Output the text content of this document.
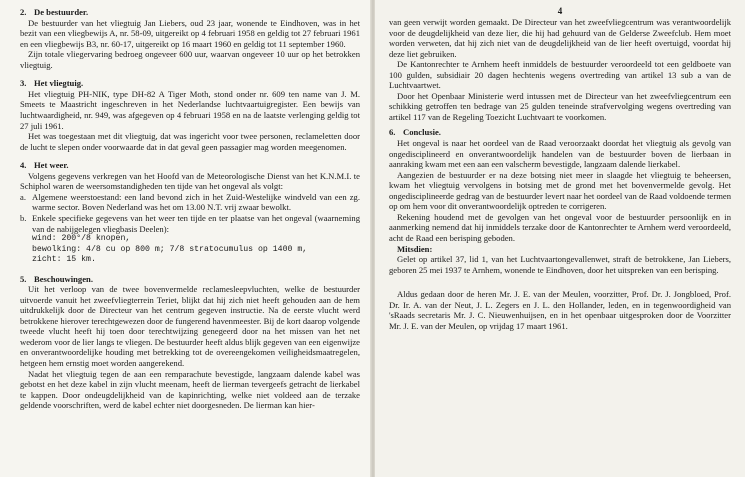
2. De bestuurder.

De bestuurder van het vliegtuig Jan Liebers, oud 23 jaar, wonende te Eindhoven, was in het bezit van een vliegbewijs A, nr. 58-09, uitgereikt op 4 februari 1958 en geldig tot 27 februari 1961 en een vliegbewijs B3, nr. 60-17, uitgereikt op 16 maart 1960 en geldig tot 11 september 1960.

Zijn totale vliegervaring bedroeg ongeveer 600 uur, waarvan ongeveer 10 uur op het betrokken vliegtuig.

3. Het vliegtuig.

Het vliegtuig PH-NIK, type DH-82 A Tiger Moth, stond onder nr. 609 ten name van J. M. Smeets te Maastricht ingeschreven in het Nederlandse luchtvaartuigregister. Een bewijs van luchtwaardigheid, nr. 949, was afgegeven op 4 februari 1958 en na de laatste verlenging geldig tot 27 juli 1961.

Het was toegestaan met dit vliegtuig, dat was ingericht voor twee personen, reclameletten door de lucht te slepen onder voorwaarde dat in dat geval geen passagier mag worden meegenomen.

4. Het weer.

Volgens gegevens verkregen van het Hoofd van de Meteorologische Dienst van het K.N.M.I. te Schiphol waren de weersomstandigheden ten tijde van het ongeval als volgt:

a. Algemene weerstoestand: een land bevond zich in het Zuid-Westelijke windveld van een zg. warme sector. Boven Nederland was het om 13.00 N.T. vrij zwaar bewolkt.
b. Enkele specifieke gegevens van het weer ten tijde en ter plaatse van het ongeval (waarneming van de nabijgelegen vliegbasis Deelen):
wind: 200°/8 knopen,
bewolking: 4/8 cu op 800 m; 7/8 stratocumulus op 1400 m,
zicht: 15 km.
5. Beschouwingen.

Uit het verloop van de twee bovenvermelde reclamesleepvluchten, welke de bestuurder uitvoerde vanuit het zweefvliegterrein Teriet, blijkt dat hij zich niet heeft gehouden aan de hem uitdrukkelijk door de Directeur van het centrum gegeven instructie. Na de eerste vlucht werd betrokkene hierover terechtgewezen door de fungerend havenmeester. Bij de kort daarop volgende tweede vlucht heeft hij toen door terechtwijzing genegeerd door na het missen van het net wederom voor de lier langs te vliegen. De bestuurder heeft aldus blijk gegeven van een eigenwijze en onverantwoordelijke houding met betrekking tot de overeengekomen veiligheidsmaatregelen, hetgeen hem ernstig moet worden aangerekend.

Nadat het vliegtuig tegen de aan een remparachute bevestigde, langzaam dalende kabel was gebotst en het deze kabel in zijn vlucht meenam, heeft de lierman tevergeefs getracht de lierkabel te kappen. Door ondeugdelijkheid van de kapinrichting, welke niet voldeed aan de terzake geldende voorschriften, werd de kabel echter niet doorgesneden. De lierman kan hier-

4

van geen verwijt worden gemaakt. De Directeur van het zweefvliegcentrum was verantwoordelijk voor de deugdelijkheid van deze lier, die hij had gehuurd van de Gelderse Zweefclub. Hem moet worden verweten, dat hij zich niet van de deugdelijkheid van de lier heeft overtuigd, voordat hij deze liet gebruiken.

De Kantonrechter te Arnhem heeft inmiddels de bestuurder veroordeeld tot een geldboete van 100 gulden, subsidiair 20 dagen hechtenis wegens overtreding van artikel 13 sub a van de Luchtvaartwet.

Door het Openbaar Ministerie werd intussen met de Directeur van het zweefvliegcentrum een schikking getroffen ten bedrage van 25 gulden teneinde strafvervolging wegens overtreding van artikel 117 van de Regeling Toezicht Luchtvaart te voorkomen.

6. Conclusie.

Het ongeval is naar het oordeel van de Raad veroorzaakt doordat het vliegtuig als gevolg van ongedisciplineerd en onverantwoordelijk handelen van de bestuurder boven de lierbaan in aanraking kwam met een aan een valscherm bevestigde, langzaam dalende lierkabel.

Aangezien de bestuurder er na deze botsing niet meer in slaagde het vliegtuig te beheersen, kwam het vliegtuig vervolgens in botsing met de grond met het bovenvermelde gevolg. Het ongedisciplineerde gedrag van de bestuurder levert naar het oordeel van de Raad voldoende termen op om hem voor dit onverantwoordelijk optreden te corrigeren.

Rekening houdend met de gevolgen van het ongeval voor de bestuurder persoonlijk en in aanmerking nemend dat hij inmiddels terzake door de Kantonrechter te Arnhem werd veroordeeld, acht de Raad een berisping geboden.

Mitsdien:

Gelet op artikel 37, lid 1, van het Luchtvaartongevallenwet, straft de betrokkene, Jan Liebers, geboren 25 mei 1937 te Arnhem, wonende te Eindhoven, door het uitspreken van een berisping.

Aldus gedaan door de heren Mr. J. E. van der Meulen, voorzitter, Prof. Dr. J. Jongbloed, Prof. Dr. Ir. A. van der Neut, J. L. Zegers en J. L. den Hollander, leden, en in tegenwoordigheid van 'sRaads secretaris Mr. J. C. Nieuwenhuijsen, en in het openbaar uitgesproken door de Voorzitter Mr. J. E. van der Meulen, op vrijdag 17 maart 1961.
